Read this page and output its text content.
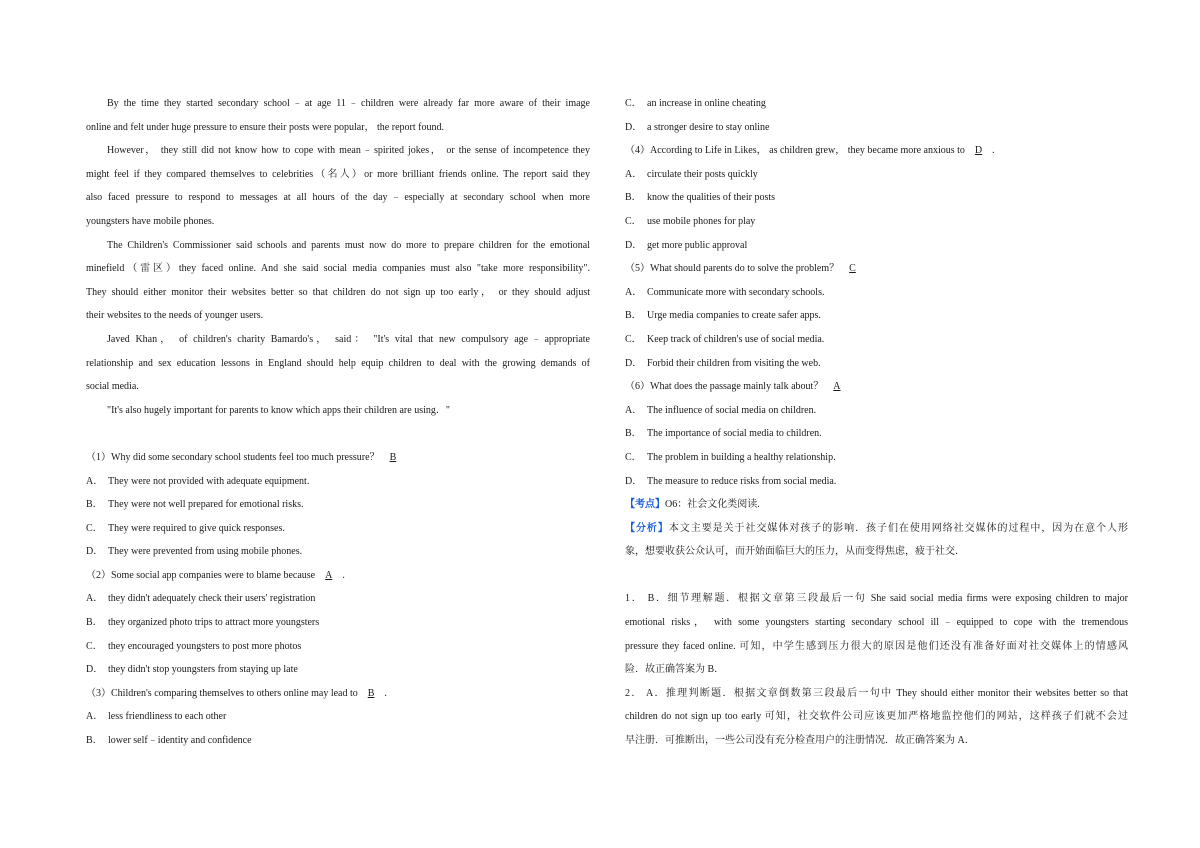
By the time they started secondary school﹣at age 11﹣children were already far more aware of their image
online and felt under huge pressure to ensure their posts were popular， the report found.
However， they still did not know how to cope with mean﹣spirited jokes， or the sense of incompetence they
might feel if they compared themselves to celebrities（名人）or more brilliant friends online. The report said they
also faced pressure to respond to messages at all hours of the day﹣especially at secondary school when more
youngsters have mobile phones.
The Children's Commissioner said schools and parents must now do more to prepare children for the emotional
minefield（雷区）they faced online. And she said social media companies must also "take more responsibility".
They should either monitor their websites better so that children do not sign up too early， or they should adjust
their websites to the needs of younger users.
Javed Khan， of children's charity Bamardo's， said： "It's vital that new compulsory age﹣appropriate
relationship and sex education lessons in England should help equip children to deal with the growing demands of
social media.
"It's also hugely important for parents to know which apps their children are using．"
（1）Why did some secondary school students feel too much pressure？ B
A． They were not provided with adequate equipment.
B． They were not well prepared for emotional risks.
C． They were required to give quick responses.
D． They were prevented from using mobile phones.
（2）Some social app companies were to blame because A .
A． they didn't adequately check their users' registration
B． they organized photo trips to attract more youngsters
C． they encouraged youngsters to post more photos
D． they didn't stop youngsters from staying up late
（3）Children's comparing themselves to others online may lead to B .
A． less friendliness to each other
B． lower self﹣identity and confidence
C． an increase in online cheating
D． a stronger desire to stay online
（4）According to Life in Likes， as children grew， they became more anxious to D .
A． circulate their posts quickly
B． know the qualities of their posts
C． use mobile phones for play
D． get more public approval
（5）What should parents do to solve the problem？ C
A． Communicate more with secondary schools.
B． Urge media companies to create safer apps.
C． Keep track of children's use of social media.
D． Forbid their children from visiting the web.
（6）What does the passage mainly talk about？ A
A． The influence of social media on children.
B． The importance of social media to children.
C． The problem in building a healthy relationship.
D． The measure to reduce risks from social media.
【考点】O6：社会文化类阅读.
【分析】本文主要是关于社交媒体对孩子的影响．孩子们在使用网络社交媒体的过程中，因为在意个人形
象，想要收获公众认可，而开始面临巨大的压力，从而变得焦虑，疲于社交．

1． B．细节理解题．根据文章第三段最后一句 She said social media firms were exposing children to major
emotional risks， with some youngsters starting secondary school ill﹣equipped to cope with the tremendous
pressure they faced online. 可知，中学生感到压力很大的原因是他们还没有准备好面对社交媒体上的情感风
险．故正确答案为 B．
2． A．推理判断题．根据文章倒数第三段最后一句中 They should either monitor their websites better so that
children do not sign up too early 可知，社交软件公司应该更加严格地监控他们的网站，这样孩子们就不会过
早注册．可推断出，一些公司没有充分检查用户的注册情况．故正确答案为 A．
